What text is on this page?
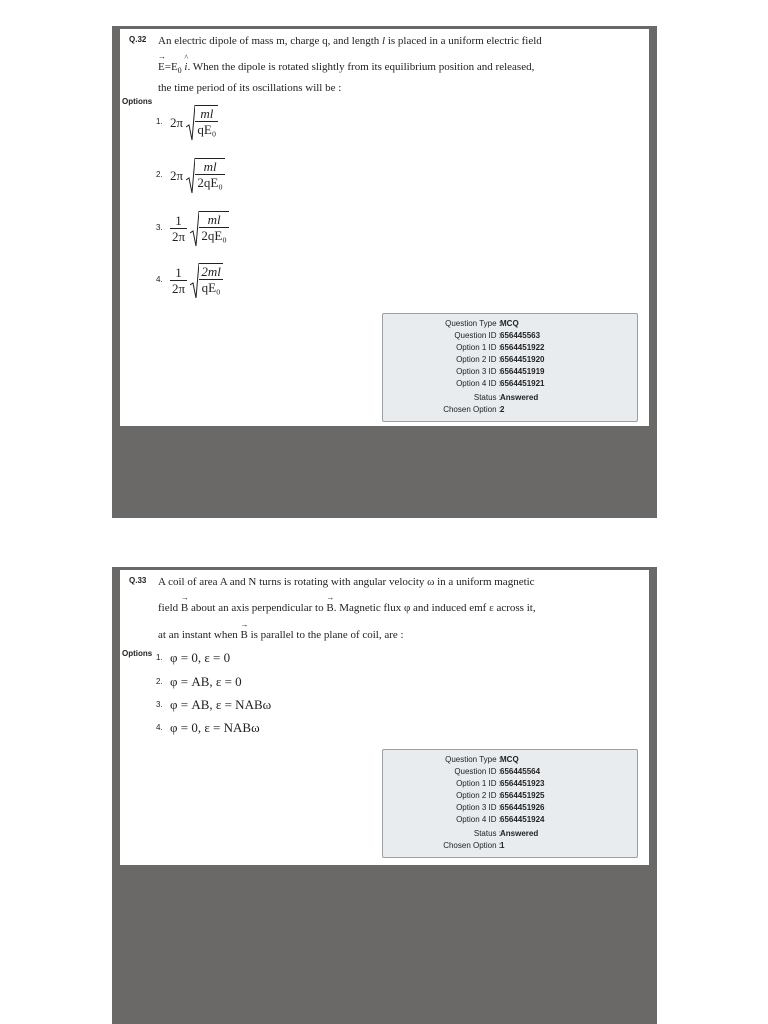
Q.32 An electric dipole of mass m, charge q, and length l is placed in a uniform electric field
→ $E=E_0$ ^ i. When the dipole is rotated slightly from its equilibrium position and released,
the time period of its oscillations will be :
Options
1. $2\pi \frac{ml}{\text{qE₀}}$
2. $2\pi \frac{ml}{\text{2qE₀}}$
3. $\frac{1}{2\pi}$
$\frac{ml}{\text{2qE₀}}$
4. $\frac{1}{2\pi}$
$\frac{2ml}{\text{qE₀}}$
Question Type : MCQ
Question ID : 656445563
Option 1 ID : 6564451922
Option 2 ID : 6564451920
Option 3 ID : 6564451919
Option 4 ID : 6564451921
Status : Answered
Chosen Option : 2
Q.33 A coil of area A and N turns is rotating with angular velocity ω in a uniform magnetic
field → B about an axis perpendicular to → B. Magnetic flux φ and induced emf ε across it,
at an instant when → B is parallel to the plane of coil, are :
Options 1. φ = 0, ε = 0
2. φ = AB, ε = 0
3. φ = AB, ε = NABω
4. φ = 0, ε = NABω
Question Type : MCQ
Question ID : 656445564
Option 1 ID : 6564451923
Option 2 ID : 6564451925
Option 3 ID : 6564451926
Option 4 ID : 6564451924
Status : Answered
Chosen Option : 1
